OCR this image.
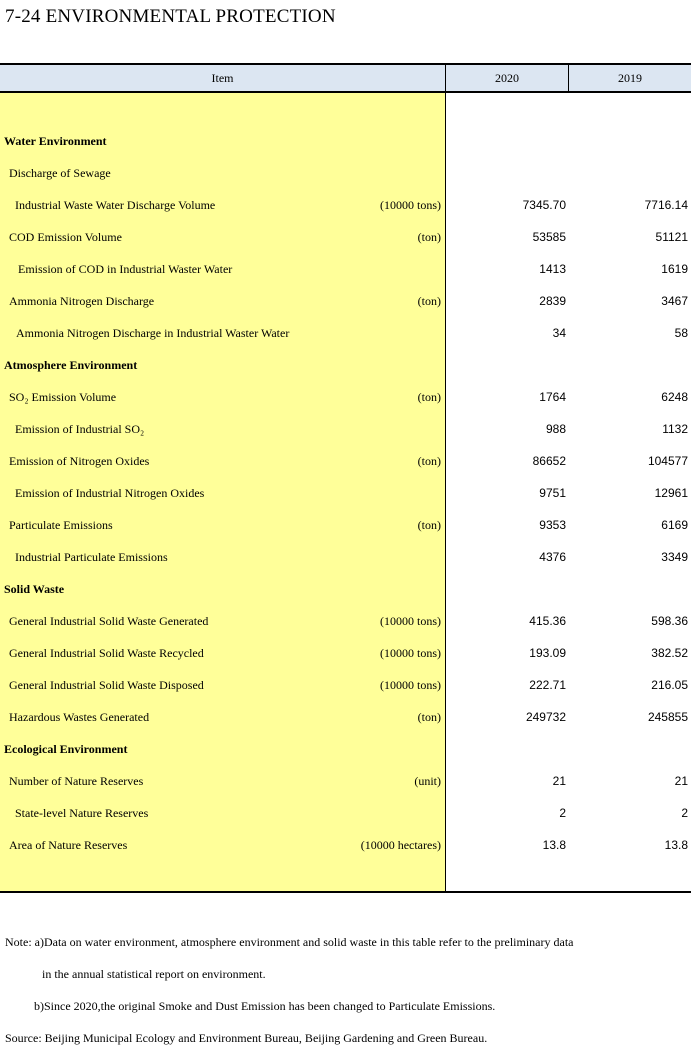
7-24 ENVIRONMENTAL PROTECTION
Item	2020	2019
Water Environment
Discharge of Sewage
Industrial Waste Water Discharge Volume	(10000 tons)	7345.70	7716.14
COD Emission Volume	(ton)	53585	51121
Emission of COD in Industrial Waster Water	1413	1619
Ammonia Nitrogen Discharge	(ton)	2839	3467
Ammonia Nitrogen Discharge in Industrial Waster Water	34	58
Atmosphere Environment
SO₂ Emission Volume	(ton)	1764	6248
Emission of Industrial SO₂	988	1132
Emission of Nitrogen Oxides	(ton)	86652	104577
Emission of Industrial Nitrogen Oxides	9751	12961
Particulate Emissions	(ton)	9353	6169
Industrial Particulate Emissions	4376	3349
Solid Waste
General Industrial Solid Waste Generated	(10000 tons)	415.36	598.36
General Industrial Solid Waste Recycled	(10000 tons)	193.09	382.52
General Industrial Solid Waste Disposed	(10000 tons)	222.71	216.05
Hazardous Wastes Generated	(ton)	249732	245855
Ecological Environment
Number of Nature Reserves	(unit)	21	21
State-level Nature Reserves	2	2
Area of Nature Reserves	(10000 hectares)	13.8	13.8
Note: a)Data on water environment, atmosphere environment and solid waste in this table refer to the preliminary data
in the annual statistical report on environment.
b)Since 2020,the original Smoke and Dust Emission has been changed to Particulate Emissions.
Source: Beijing Municipal Ecology and Environment Bureau, Beijing Gardening and Green Bureau.
